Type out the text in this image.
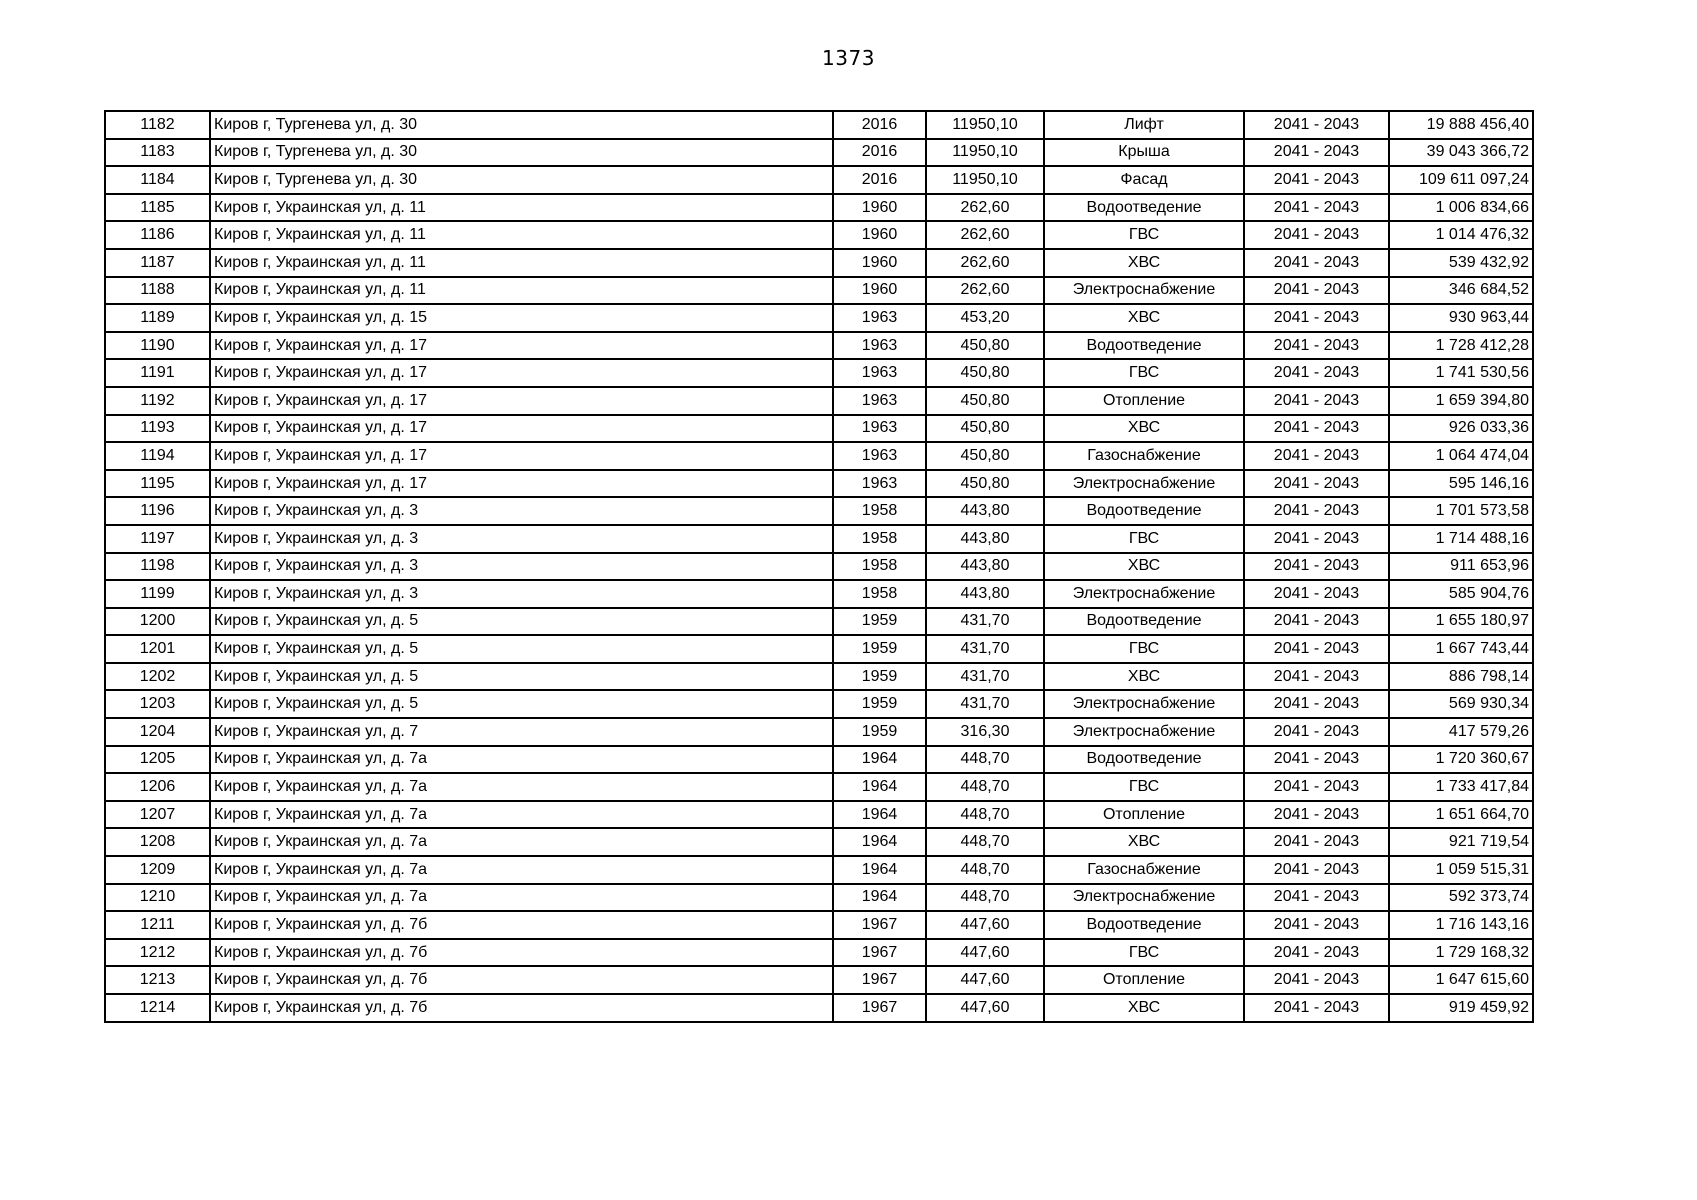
1373
1182	Киров г, Тургенева ул, д. 30	2016	11950,10	Лифт	2041 - 2043	19 888 456,40
1183	Киров г, Тургенева ул, д. 30	2016	11950,10	Крыша	2041 - 2043	39 043 366,72
1184	Киров г, Тургенева ул, д. 30	2016	11950,10	Фасад	2041 - 2043	109 611 097,24
1185	Киров г, Украинская ул, д. 11	1960	262,60	Водоотведение	2041 - 2043	1 006 834,66
1186	Киров г, Украинская ул, д. 11	1960	262,60	ГВС	2041 - 2043	1 014 476,32
1187	Киров г, Украинская ул, д. 11	1960	262,60	ХВС	2041 - 2043	539 432,92
1188	Киров г, Украинская ул, д. 11	1960	262,60	Электроснабжение	2041 - 2043	346 684,52
1189	Киров г, Украинская ул, д. 15	1963	453,20	ХВС	2041 - 2043	930 963,44
1190	Киров г, Украинская ул, д. 17	1963	450,80	Водоотведение	2041 - 2043	1 728 412,28
1191	Киров г, Украинская ул, д. 17	1963	450,80	ГВС	2041 - 2043	1 741 530,56
1192	Киров г, Украинская ул, д. 17	1963	450,80	Отопление	2041 - 2043	1 659 394,80
1193	Киров г, Украинская ул, д. 17	1963	450,80	ХВС	2041 - 2043	926 033,36
1194	Киров г, Украинская ул, д. 17	1963	450,80	Газоснабжение	2041 - 2043	1 064 474,04
1195	Киров г, Украинская ул, д. 17	1963	450,80	Электроснабжение	2041 - 2043	595 146,16
1196	Киров г, Украинская ул, д. 3	1958	443,80	Водоотведение	2041 - 2043	1 701 573,58
1197	Киров г, Украинская ул, д. 3	1958	443,80	ГВС	2041 - 2043	1 714 488,16
1198	Киров г, Украинская ул, д. 3	1958	443,80	ХВС	2041 - 2043	911 653,96
1199	Киров г, Украинская ул, д. 3	1958	443,80	Электроснабжение	2041 - 2043	585 904,76
1200	Киров г, Украинская ул, д. 5	1959	431,70	Водоотведение	2041 - 2043	1 655 180,97
1201	Киров г, Украинская ул, д. 5	1959	431,70	ГВС	2041 - 2043	1 667 743,44
1202	Киров г, Украинская ул, д. 5	1959	431,70	ХВС	2041 - 2043	886 798,14
1203	Киров г, Украинская ул, д. 5	1959	431,70	Электроснабжение	2041 - 2043	569 930,34
1204	Киров г, Украинская ул, д. 7	1959	316,30	Электроснабжение	2041 - 2043	417 579,26
1205	Киров г, Украинская ул, д. 7а	1964	448,70	Водоотведение	2041 - 2043	1 720 360,67
1206	Киров г, Украинская ул, д. 7а	1964	448,70	ГВС	2041 - 2043	1 733 417,84
1207	Киров г, Украинская ул, д. 7а	1964	448,70	Отопление	2041 - 2043	1 651 664,70
1208	Киров г, Украинская ул, д. 7а	1964	448,70	ХВС	2041 - 2043	921 719,54
1209	Киров г, Украинская ул, д. 7а	1964	448,70	Газоснабжение	2041 - 2043	1 059 515,31
1210	Киров г, Украинская ул, д. 7а	1964	448,70	Электроснабжение	2041 - 2043	592 373,74
1211	Киров г, Украинская ул, д. 7б	1967	447,60	Водоотведение	2041 - 2043	1 716 143,16
1212	Киров г, Украинская ул, д. 7б	1967	447,60	ГВС	2041 - 2043	1 729 168,32
1213	Киров г, Украинская ул, д. 7б	1967	447,60	Отопление	2041 - 2043	1 647 615,60
1214	Киров г, Украинская ул, д. 7б	1967	447,60	ХВС	2041 - 2043	919 459,92
